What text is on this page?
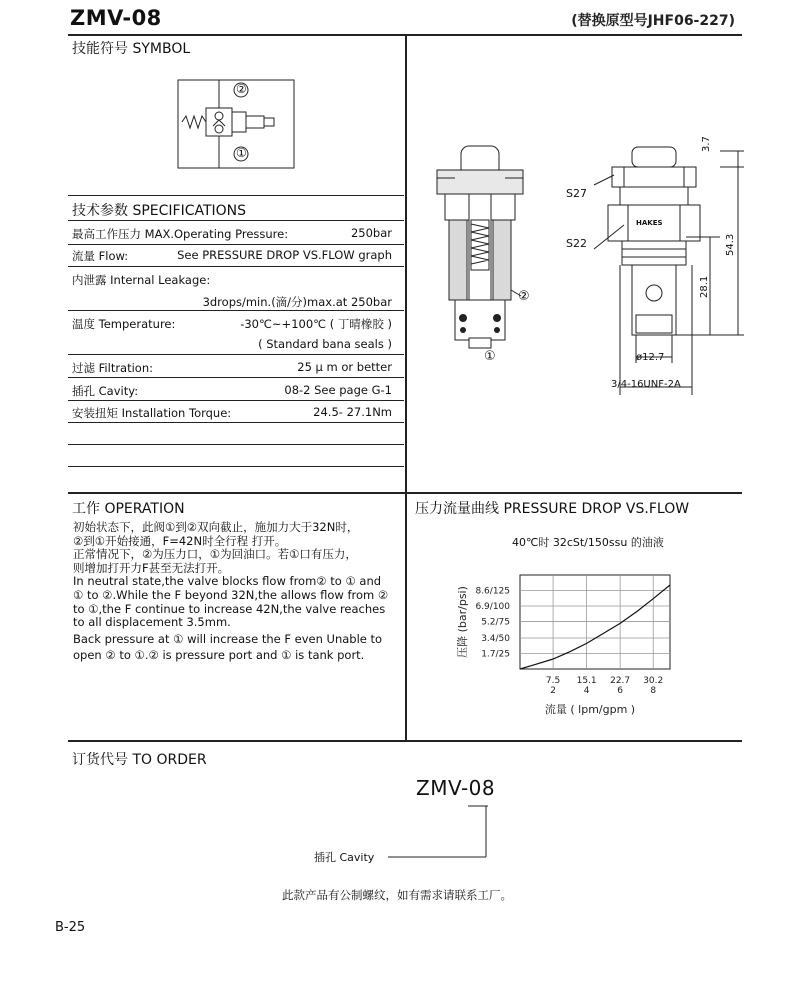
ZMV-08	(替换原型号JHF06-227)
技能符号 SYMBOL
②
①
技术参数 SPECIFICATIONS
最高工作压力 MAX.Operating Pressure:	250bar
流量 Flow:	See PRESSURE DROP VS.FLOW graph
内泄露 Internal Leakage:
3drops/min.(滴/分)max.at 250bar
温度 Temperature:	-30℃~+100℃ ( 丁晴橡胶 )
( Standard bana seals )
过滤 Filtration:	25 μ m or better
插孔 Cavity:	08-2 See page G-1
安装扭矩 Installation Torque:	24.5- 27.1Nm
②
①
S27
S22
HAKES
3.7
54.3
28.1
ø12.7
3/4-16UNF-2A
工作 OPERATION
初始状态下，此阀①到②双向截止，施加力大于32N时，
②到①开始接通，F=42N时全行程 打开。
正常情况下，②为压力口，①为回油口。若①口有压力，
则增加打开力F甚至无法打开。
In neutral state,the valve blocks flow from② to ① and
① to ②.While the F beyond 32N,the allows flow from ②
to ①,the F continue to increase 42N,the valve reaches
to all displacement 3.5mm.
Back pressure at ① will increase the F even Unable to
open ② to ①.② is pressure port and ① is tank port.
压力流量曲线 PRESSURE DROP VS.FLOW
40℃时 32cSt/150ssu 的油液
8.6/125
6.9/100
5.2/75
3.4/50
1.7/25
7.5
2
15.1
4
22.7
6
30.2
8
压降 (bar/psi)
流量 ( lpm/gpm )
订货代号 TO ORDER
ZMV-08
插孔 Cavity
此款产品有公制螺纹，如有需求请联系工厂。
B-25
